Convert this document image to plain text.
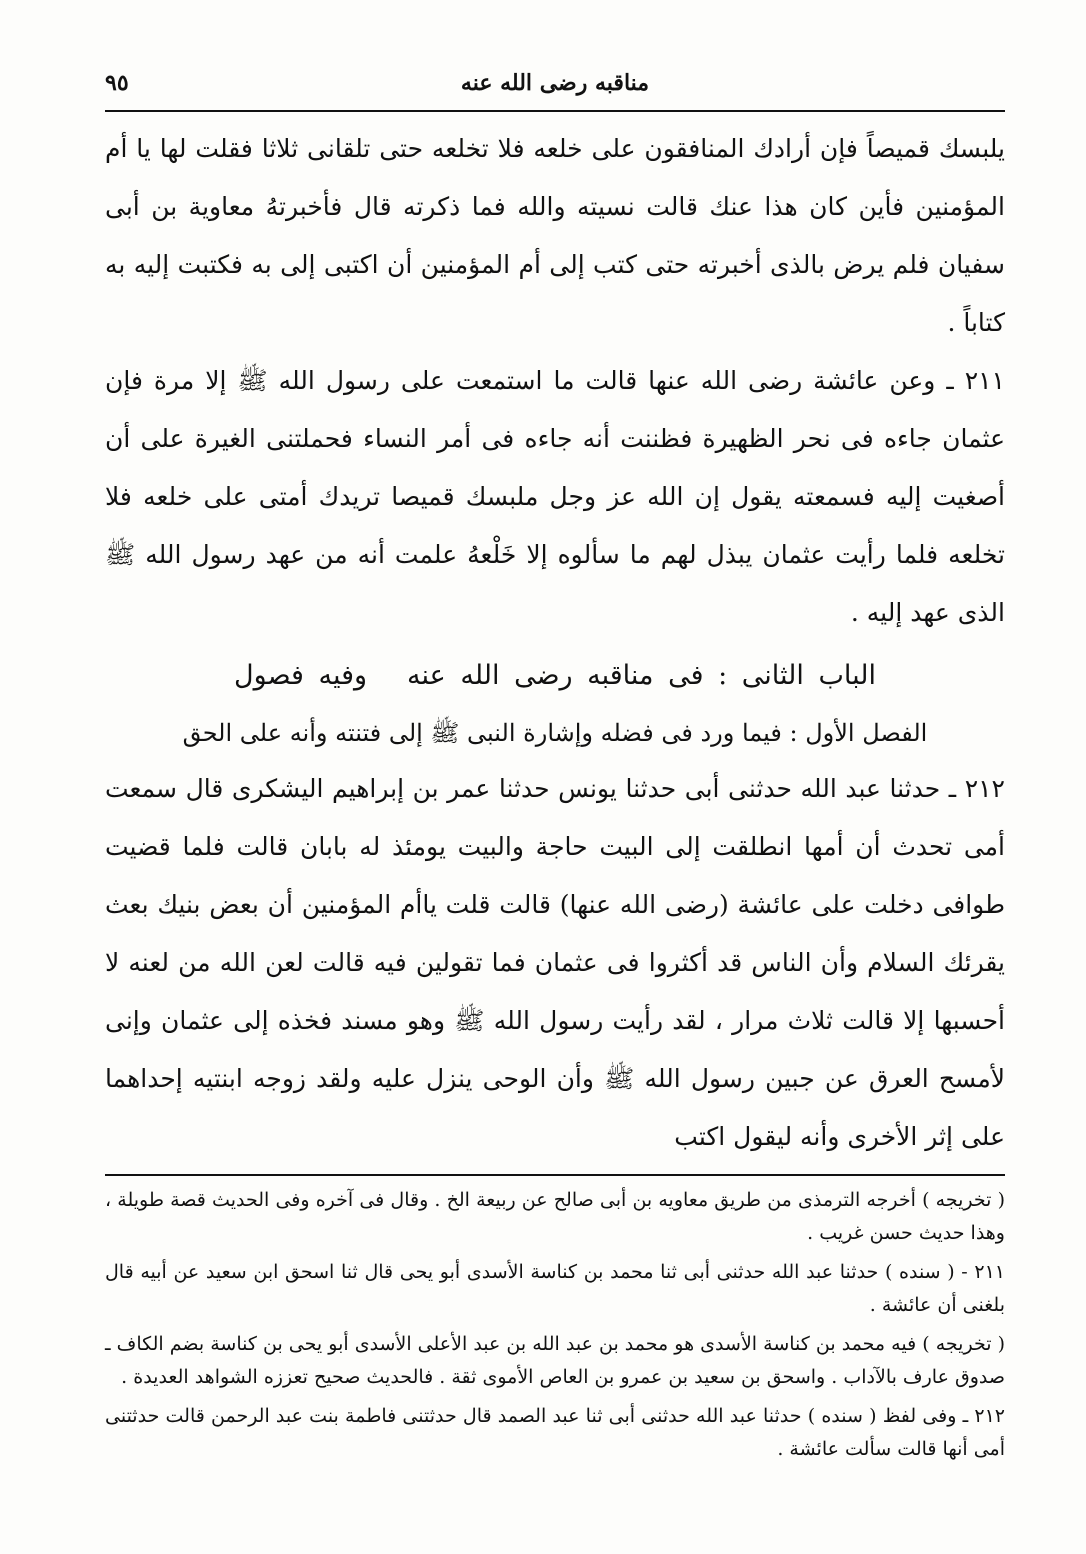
مناقبه رضى الله عنه
٩٥

يلبسك قميصاً فإن أرادك المنافقون على خلعه فلا تخلعه حتى تلقانى ثلاثا فقلت لها يا أم المؤمنين فأين كان هذا عنك قالت نسيته والله فما ذكرته قال فأخبرتهُ معاوية بن أبى سفيان فلم يرض بالذى أخبرته حتى كتب إلى أم المؤمنين أن اكتبى إلى به فكتبت إليه به كتاباً .

٢١١ ـ وعن عائشة رضى الله عنها قالت ما استمعت على رسول الله ﷺ إلا مرة فإن عثمان جاءه فى نحر الظهيرة فظننت أنه جاءه فى أمر النساء فحملتنى الغيرة على أن أصغيت إليه فسمعته يقول إن الله عز وجل ملبسك قميصا تريدك أمتى على خلعه فلا تخلعه فلما رأيت عثمان يبذل لهم ما سألوه إلا خَلْعهُ علمت أنه من عهد رسول الله ﷺ الذى عهد إليه .

الباب الثانى : فى مناقبه رضى الله عنهوفيه فصول
الفصل الأول : فيما ورد فى فضله وإشارة النبى ﷺ إلى فتنته وأنه على الحق

٢١٢ ـ حدثنا عبد الله حدثنى أبى حدثنا يونس حدثنا عمر بن إبراهيم اليشكرى قال سمعت أمى تحدث أن أمها انطلقت إلى البيت حاجة والبيت يومئذ له بابان قالت فلما قضيت طوافى دخلت على عائشة (رضى الله عنها) قالت قلت ياأم المؤمنين أن بعض بنيك بعث يقرئك السلام وأن الناس قد أكثروا فى عثمان فما تقولين فيه قالت لعن الله من لعنه لا أحسبها إلا قالت ثلاث مرار ، لقد رأيت رسول الله ﷺ وهو مسند فخذه إلى عثمان وإنى لأمسح العرق عن جبين رسول الله ﷺ وأن الوحى ينزل عليه ولقد زوجه ابنتيه إحداهما على إثر الأخرى وأنه ليقول اكتب

( تخريجه ) أخرجه الترمذى من طريق معاويه بن أبى صالح عن ربيعة الخ . وقال فى آخره وفى الحديث قصة طويلة ، وهذا حديث حسن غريب .

٢١١ - ( سنده ) حدثنا عبد الله حدثنى أبى ثنا محمد بن كناسة الأسدى أبو يحى قال ثنا اسحق ابن سعيد عن أبيه قال بلغنى أن عائشة .

( تخريجه ) فيه محمد بن كناسة الأسدى هو محمد بن عبد الله بن عبد الأعلى الأسدى أبو يحى بن كناسة بضم الكاف ـ صدوق عارف بالآداب . واسحق بن سعيد بن عمرو بن العاص الأموى ثقة . فالحديث صحيح تعززه الشواهد العديدة .

٢١٢ ـ وفى لفظ ( سنده ) حدثنا عبد الله حدثنى أبى ثنا عبد الصمد قال حدثتنى فاطمة بنت عبد الرحمن قالت حدثتنى أمى أنها قالت سألت عائشة .
